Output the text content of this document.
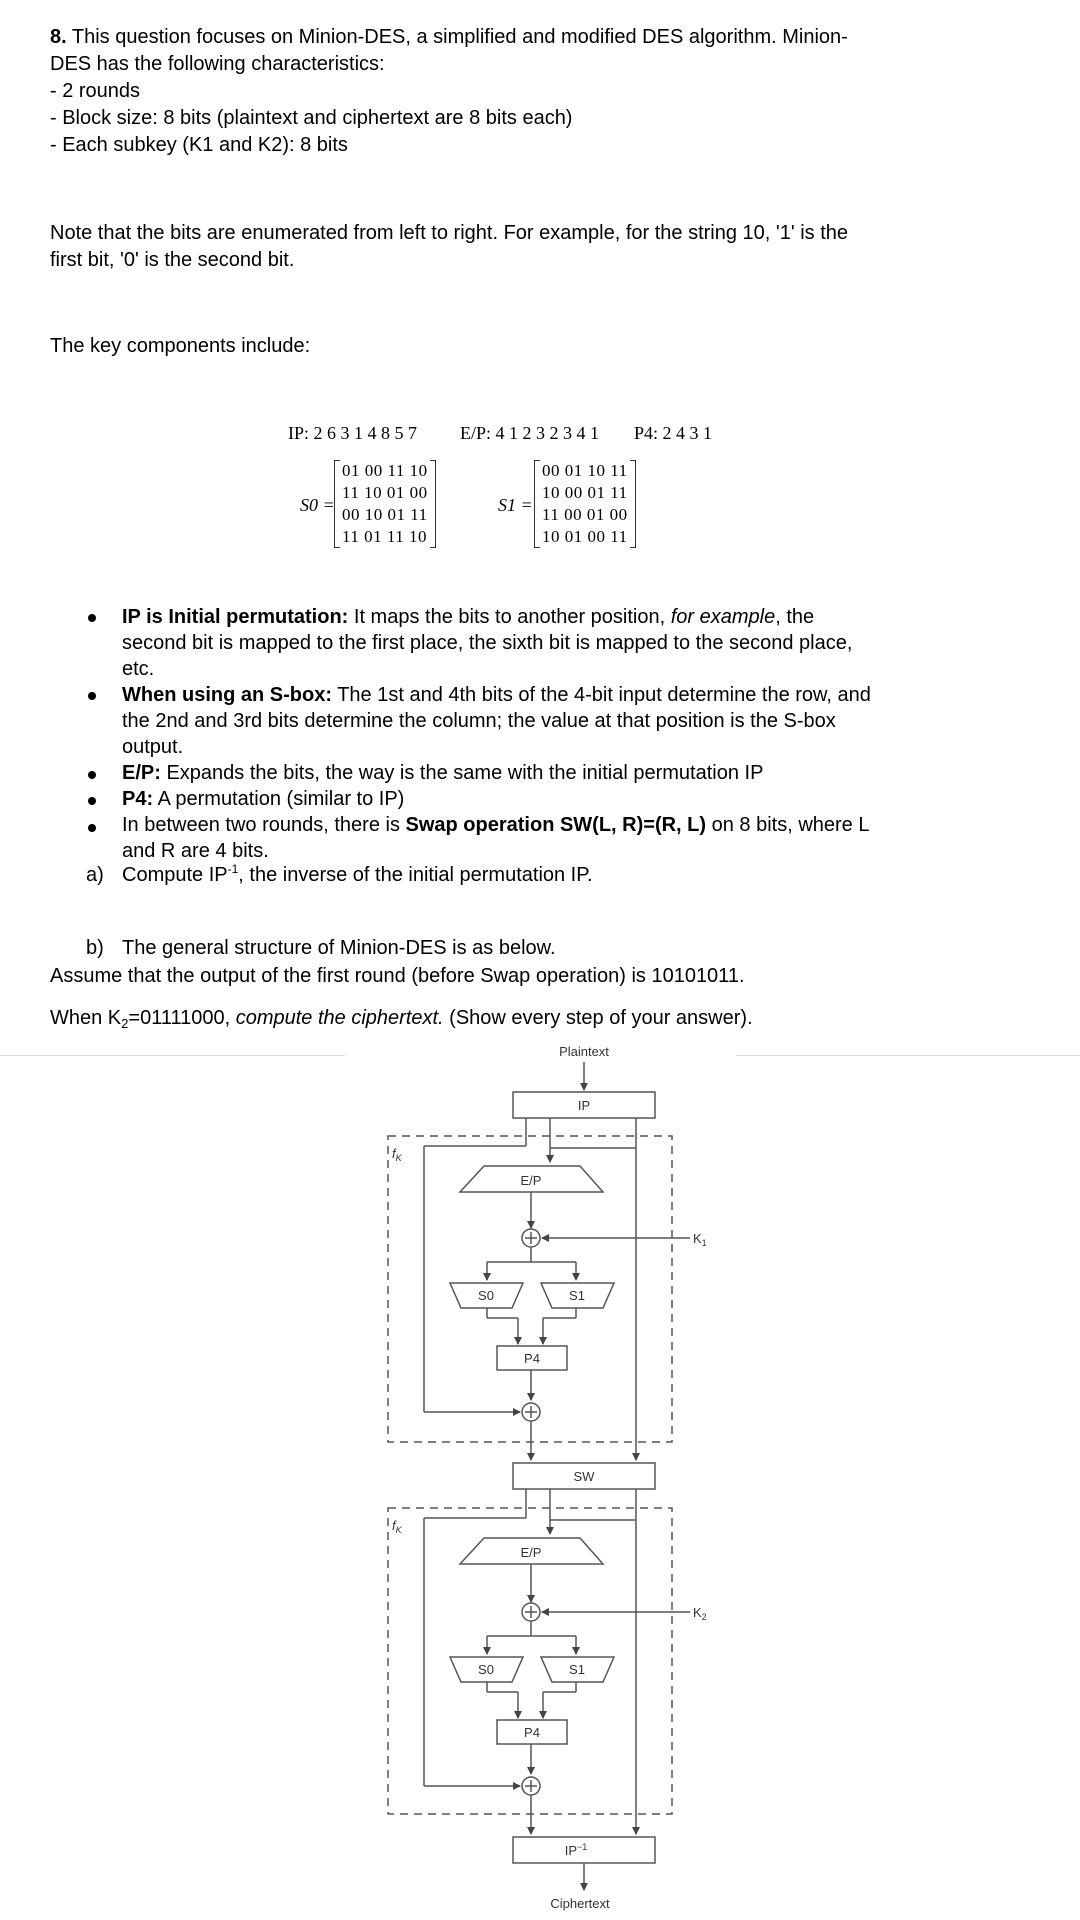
8. This question focuses on Minion-DES, a simplified and modified DES algorithm. Minion-
DES has the following characteristics:
- 2 rounds
- Block size: 8 bits (plaintext and ciphertext are 8 bits each)
- Each subkey (K1 and K2): 8 bits
Note that the bits are enumerated from left to right. For example, for the string 10, '1' is the
first bit, '0' is the second bit.
The key components include:
IP: 2 6 3 1 4 8 5 7 E/P: 4 1 2 3 2 3 4 1 P4: 2 4 3 1
S0 =
01 00 11 10
11 10 01 00
00 10 01 11
11 01 11 10
S1 =
00 01 10 11
10 00 01 11
11 00 01 00
10 01 00 11
IP is Initial permutation: It maps the bits to another position, for example, the
second bit is mapped to the first place, the sixth bit is mapped to the second place,
etc.
When using an S-box: The 1st and 4th bits of the 4-bit input determine the row, and
the 2nd and 3rd bits determine the column; the value at that position is the S-box
output.
E/P: Expands the bits, the way is the same with the initial permutation IP
P4: A permutation (similar to IP)
In between two rounds, there is Swap operation SW(L, R)=(R, L) on 8 bits, where L
and R are 4 bits.
a) Compute $IP^{-1}$, the inverse of the initial permutation IP.
b) The general structure of Minion-DES is as below.
Assume that the output of the first round (before Swap operation) is 10101011.
When $K_2=01111000$, compute the ciphertext. (Show every step of your answer).
Plaintext
IP
E/P
S0	S1
P4
SW
E/P
S0	S1
P4
$IP^{-1}$
Ciphertext
$K_1$
$K_2$
$f_K$
$f_K$
